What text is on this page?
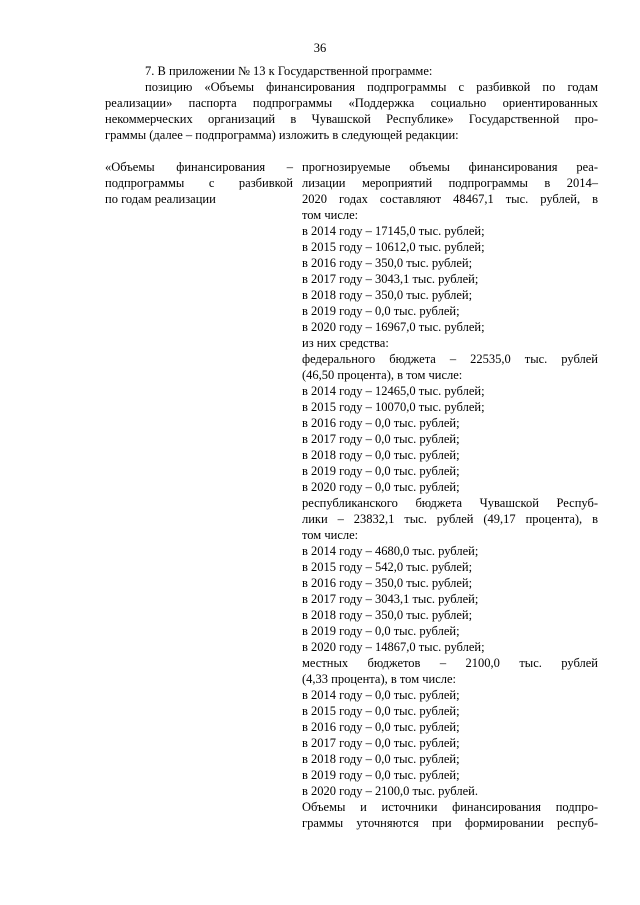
36

7. В приложении № 13 к Государственной программе:

позицию «Объемы финансирования подпрограммы с разбивкой по годам

реализации» паспорта подпрограммы «Поддержка социально ориентированных

некоммерческих организаций в Чувашской Республике» Государственной про-

граммы (далее – подпрограмма) изложить в следующей редакции:

«Объемы финансирования –

подпрограммы с разбивкой

по годам реализации

прогнозируемые объемы финансирования реа-

лизации мероприятий подпрограммы в 2014–

2020 годах составляют 48467,1 тыс. рублей, в

том числе:

в 2014 году – 17145,0 тыс. рублей;

в 2015 году – 10612,0 тыс. рублей;

в 2016 году – 350,0 тыс. рублей;

в 2017 году – 3043,1 тыс. рублей;

в 2018 году – 350,0 тыс. рублей;

в 2019 году – 0,0 тыс. рублей;

в 2020 году – 16967,0 тыс. рублей;

из них средства:

федерального бюджета – 22535,0 тыс. рублей

(46,50 процента), в том числе:

в 2014 году – 12465,0 тыс. рублей;

в 2015 году – 10070,0 тыс. рублей;

в 2016 году – 0,0 тыс. рублей;

в 2017 году – 0,0 тыс. рублей;

в 2018 году – 0,0 тыс. рублей;

в 2019 году – 0,0 тыс. рублей;

в 2020 году – 0,0 тыс. рублей;

республиканского бюджета Чувашской Респуб-

лики – 23832,1 тыс. рублей (49,17 процента), в

том числе:

в 2014 году – 4680,0 тыс. рублей;

в 2015 году – 542,0 тыс. рублей;

в 2016 году – 350,0 тыс. рублей;

в 2017 году – 3043,1 тыс. рублей;

в 2018 году – 350,0 тыс. рублей;

в 2019 году – 0,0 тыс. рублей;

в 2020 году – 14867,0 тыс. рублей;

местных бюджетов – 2100,0 тыс. рублей

(4,33 процента), в том числе:

в 2014 году – 0,0 тыс. рублей;

в 2015 году – 0,0 тыс. рублей;

в 2016 году – 0,0 тыс. рублей;

в 2017 году – 0,0 тыс. рублей;

в 2018 году – 0,0 тыс. рублей;

в 2019 году – 0,0 тыс. рублей;

в 2020 году – 2100,0 тыс. рублей.

Объемы и источники финансирования подпро-

граммы уточняются при формировании респуб-
